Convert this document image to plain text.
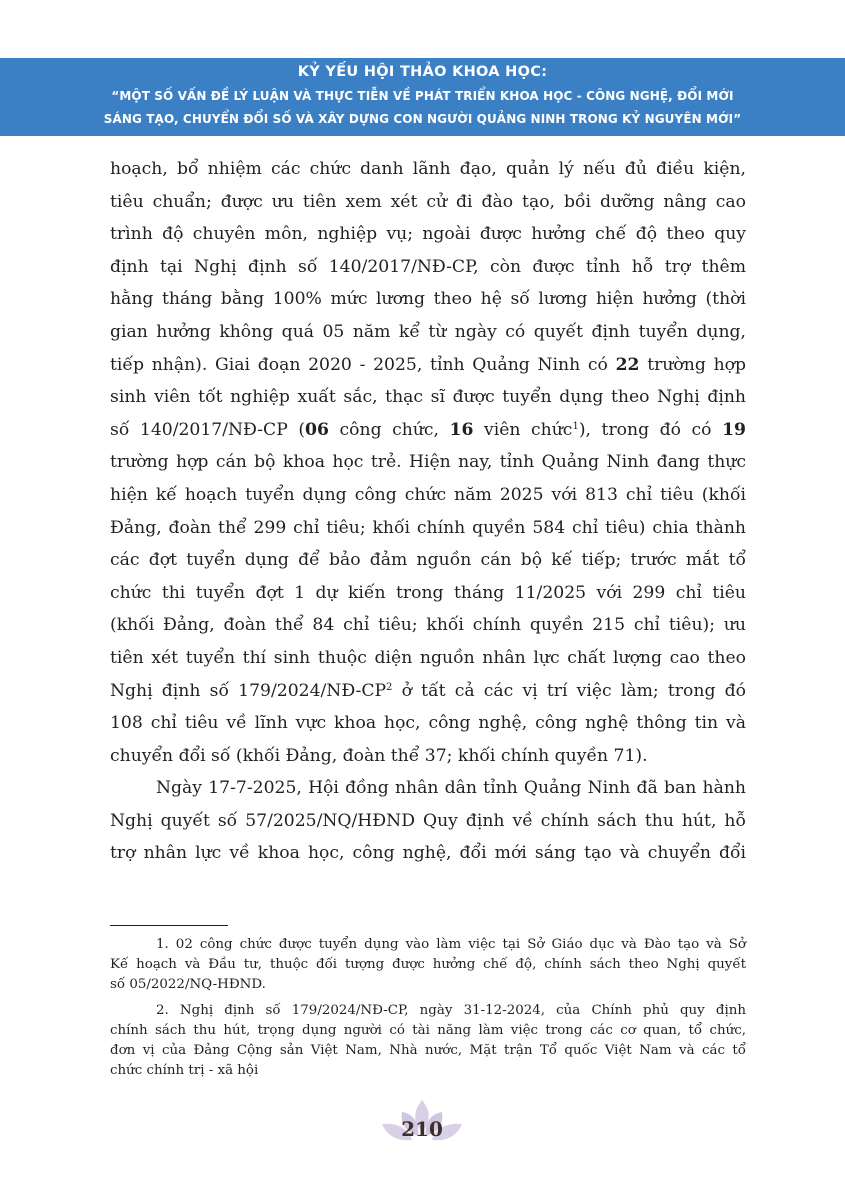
KỶ YẾU HỘI THẢO KHOA HỌC:
“MỘT SỐ VẤN ĐỀ LÝ LUẬN VÀ THỰC TIỄN VỀ PHÁT TRIỂN KHOA HỌC - CÔNG NGHỆ, ĐỔI MỚI
SÁNG TẠO, CHUYỂN ĐỔI SỐ VÀ XÂY DỰNG CON NGƯỜI QUẢNG NINH TRONG KỶ NGUYÊN MỚI”
hoạch, bổ nhiệm các chức danh lãnh đạo, quản lý nếu đủ điều kiện,
tiêu chuẩn; được ưu tiên xem xét cử đi đào tạo, bồi dưỡng nâng cao
trình độ chuyên môn, nghiệp vụ; ngoài được hưởng chế độ theo quy
định tại Nghị định số 140/2017/NĐ-CP, còn được tỉnh hỗ trợ thêm
hằng tháng bằng 100% mức lương theo hệ số lương hiện hưởng (thời
gian hưởng không quá 05 năm kể từ ngày có quyết định tuyển dụng,
tiếp nhận). Giai đoạn 2020 - 2025, tỉnh Quảng Ninh có 22 trường hợp
sinh viên tốt nghiệp xuất sắc, thạc sĩ được tuyển dụng theo Nghị định
số 140/2017/NĐ-CP (06 công chức, 16 viên chức$^1$), trong đó có 19
trường hợp cán bộ khoa học trẻ. Hiện nay, tỉnh Quảng Ninh đang thực
hiện kế hoạch tuyển dụng công chức năm 2025 với 813 chỉ tiêu (khối
Đảng, đoàn thể 299 chỉ tiêu; khối chính quyền 584 chỉ tiêu) chia thành
các đợt tuyển dụng để bảo đảm nguồn cán bộ kế tiếp; trước mắt tổ
chức thi tuyển đợt 1 dự kiến trong tháng 11/2025 với 299 chỉ tiêu
(khối Đảng, đoàn thể 84 chỉ tiêu; khối chính quyền 215 chỉ tiêu); ưu
tiên xét tuyển thí sinh thuộc diện nguồn nhân lực chất lượng cao theo
Nghị định số $179/2024/NĐ-CP^2$ ở tất cả các vị trí việc làm; trong đó
108 chỉ tiêu về lĩnh vực khoa học, công nghệ, công nghệ thông tin và
chuyển đổi số (khối Đảng, đoàn thể 37; khối chính quyền 71).
Ngày 17-7-2025, Hội đồng nhân dân tỉnh Quảng Ninh đã ban hành
Nghị quyết số 57/2025/NQ/HĐND Quy định về chính sách thu hút, hỗ
trợ nhân lực về khoa học, công nghệ, đổi mới sáng tạo và chuyển đổi
1. 02 công chức được tuyển dụng vào làm việc tại Sở Giáo dục và Đào tạo và Sở
Kế hoạch và Đầu tư, thuộc đối tượng được hưởng chế độ, chính sách theo Nghị quyết
số 05/2022/NQ-HĐND.
2. Nghị định số 179/2024/NĐ-CP, ngày 31-12-2024, của Chính phủ quy định
chính sách thu hút, trọng dụng người có tài năng làm việc trong các cơ quan, tổ chức,
đơn vị của Đảng Cộng sản Việt Nam, Nhà nước, Mặt trận Tổ quốc Việt Nam và các tổ
chức chính trị - xã hội
210
